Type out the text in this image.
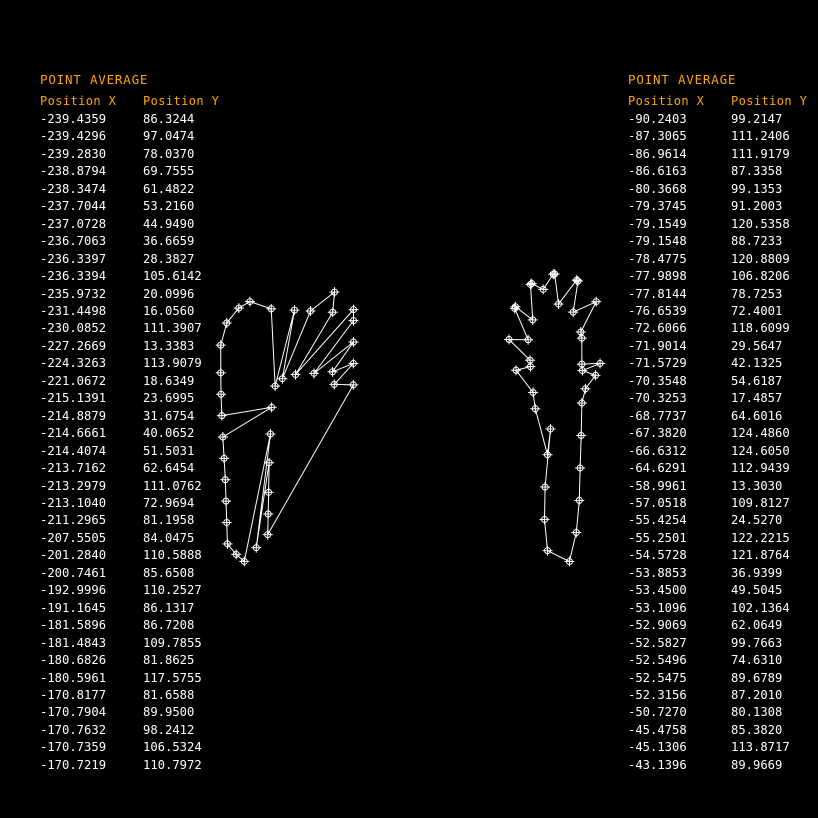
POINT AVERAGE
Position X	Position Y
-239.4359	86.3244
-239.4296	97.0474
-239.2830	78.0370
-238.8794	69.7555
-238.3474	61.4822
-237.7044	53.2160
-237.0728	44.9490
-236.7063	36.6659
-236.3397	28.3827
-236.3394	105.6142
-235.9732	20.0996
-231.4498	16.0560
-230.0852	111.3907
-227.2669	13.3383
-224.3263	113.9079
-221.0672	18.6349
-215.1391	23.6995
-214.8879	31.6754
-214.6661	40.0652
-214.4074	51.5031
-213.7162	62.6454
-213.2979	111.0762
-213.1040	72.9694
-211.2965	81.1958
-207.5505	84.0475
-201.2840	110.5888
-200.7461	85.6508
-192.9996	110.2527
-191.1645	86.1317
-181.5896	86.7208
-181.4843	109.7855
-180.6826	81.8625
-180.5961	117.5755
-170.8177	81.6588
-170.7904	89.9500
-170.7632	98.2412
-170.7359	106.5324
-170.7219	110.7972
POINT AVERAGE
Position X	Position Y
-90.2403	99.2147
-87.3065	111.2406
-86.9614	111.9179
-86.6163	87.3358
-80.3668	99.1353
-79.3745	91.2003
-79.1549	120.5358
-79.1548	88.7233
-78.4775	120.8809
-77.9898	106.8206
-77.8144	78.7253
-76.6539	72.4001
-72.6066	118.6099
-71.9014	29.5647
-71.5729	42.1325
-70.3548	54.6187
-70.3253	17.4857
-68.7737	64.6016
-67.3820	124.4860
-66.6312	124.6050
-64.6291	112.9439
-58.9961	13.3030
-57.0518	109.8127
-55.4254	24.5270
-55.2501	122.2215
-54.5728	121.8764
-53.8853	36.9399
-53.4500	49.5045
-53.1096	102.1364
-52.9069	62.0649
-52.5827	99.7663
-52.5496	74.6310
-52.5475	89.6789
-52.3156	87.2010
-50.7270	80.1308
-45.4758	85.3820
-45.1306	113.8717
-43.1396	89.9669
